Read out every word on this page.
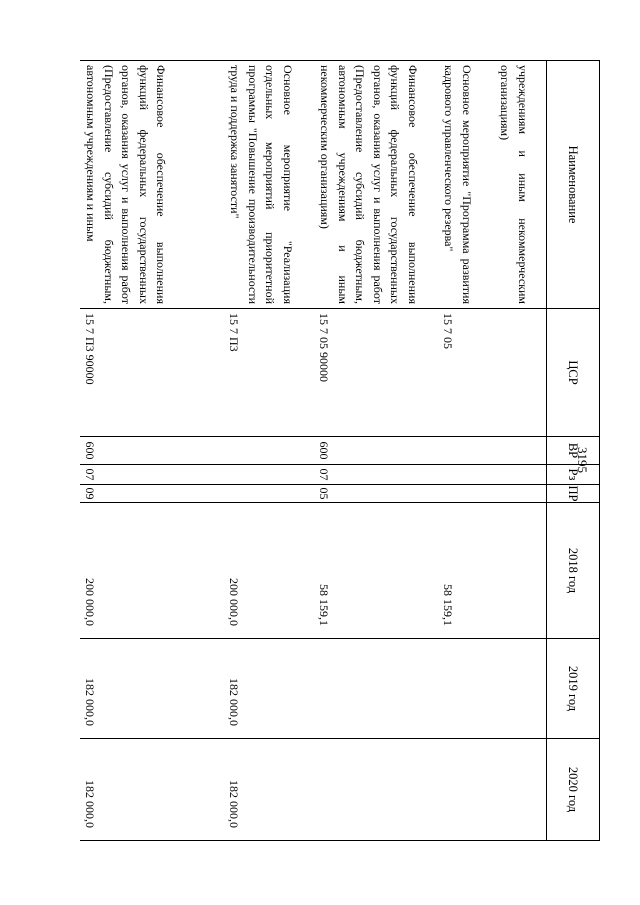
3195
Наименование	ЦСР	ВР	Рз	ПР	2018 год	2019 год	2020 год
учреждениям и иным некоммерческим организациям)							
Основное мероприятие "Программа развития кадрового управленческого резерва"	15 7 05				58 159,1		
Финансовое обеспечение выполнения функций федеральных государственных органов, оказания услуг и выполнения работ (Предоставление субсидий бюджетным, автономным учреждениям и иным некоммерческим организациям)	15 7 05 90000	600	07	05	58 159,1		
Основное мероприятие "Реализация отдельных мероприятий приоритетной программы "Повышение производительности труда и поддержка занятости"	15 7 П3				200 000,0	182 000,0	182 000,0
Финансовое обеспечение выполнения функций федеральных государственных органов, оказания услуг и выполнения работ (Предоставление субсидий бюджетным, автономным учреждениям и иным	15 7 П3 90000	600	07	09	200 000,0	182 000,0	182 000,0
